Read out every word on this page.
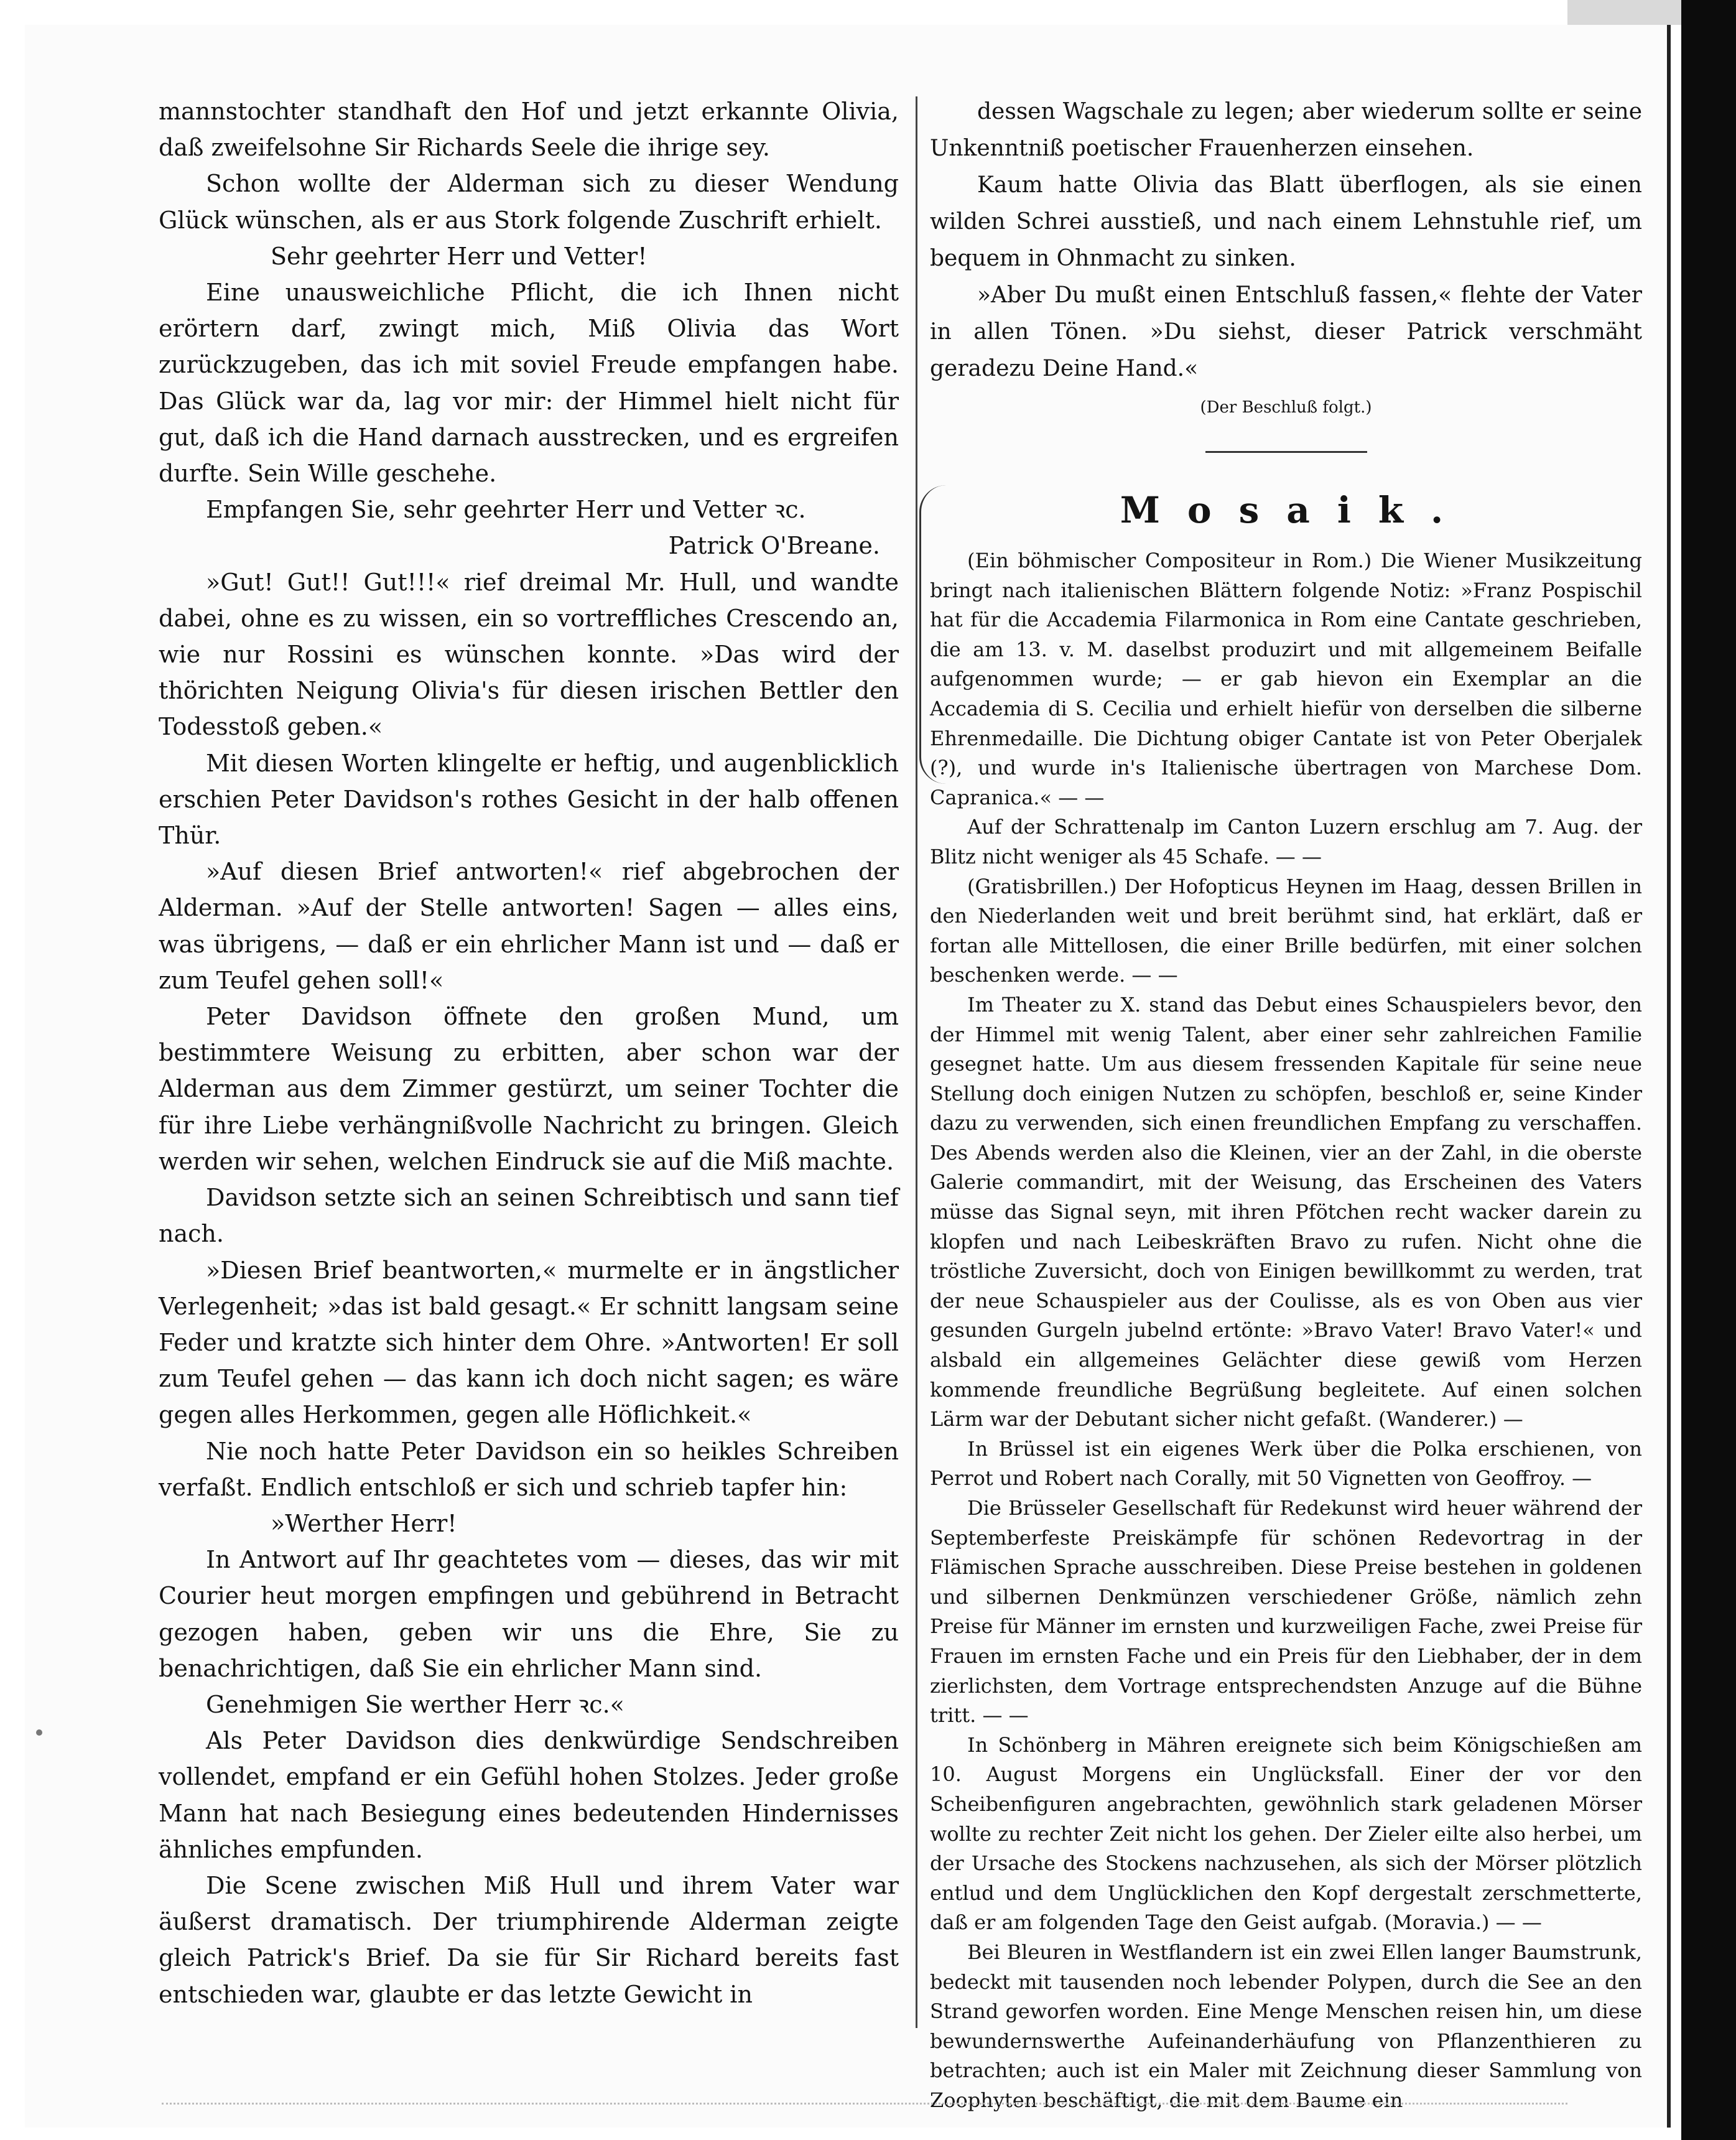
mannstochter standhaft den Hof und jetzt erkannte Olivia, daß zweifelsohne Sir Richards Seele die ihrige sey.

Schon wollte der Alderman sich zu dieser Wendung Glück wünschen, als er aus Stork folgende Zuschrift erhielt.

Sehr geehrter Herr und Vetter!

Eine unausweichliche Pflicht, die ich Ihnen nicht erörtern darf, zwingt mich, Miß Olivia das Wort zurückzugeben, das ich mit soviel Freude empfangen habe. Das Glück war da, lag vor mir: der Himmel hielt nicht für gut, daß ich die Hand darnach ausstrecken, und es ergreifen durfte. Sein Wille geschehe.

Empfangen Sie, sehr geehrter Herr und Vetter ꝛc.

Patrick O'Breane.

»Gut! Gut!! Gut!!!« rief dreimal Mr. Hull, und wandte dabei, ohne es zu wissen, ein so vortreffliches Crescendo an, wie nur Rossini es wünschen konnte. »Das wird der thörichten Neigung Olivia's für diesen irischen Bettler den Todesstoß geben.«

Mit diesen Worten klingelte er heftig, und augenblicklich erschien Peter Davidson's rothes Gesicht in der halb offenen Thür.

»Auf diesen Brief antworten!« rief abgebrochen der Alderman. »Auf der Stelle antworten! Sagen — alles eins, was übrigens, — daß er ein ehrlicher Mann ist und — daß er zum Teufel gehen soll!«

Peter Davidson öffnete den großen Mund, um bestimmtere Weisung zu erbitten, aber schon war der Alderman aus dem Zimmer gestürzt, um seiner Tochter die für ihre Liebe verhängnißvolle Nachricht zu bringen. Gleich werden wir sehen, welchen Eindruck sie auf die Miß machte.

Davidson setzte sich an seinen Schreibtisch und sann tief nach.

»Diesen Brief beantworten,« murmelte er in ängstlicher Verlegenheit; »das ist bald gesagt.« Er schnitt langsam seine Feder und kratzte sich hinter dem Ohre. »Antworten! Er soll zum Teufel gehen — das kann ich doch nicht sagen; es wäre gegen alles Herkommen, gegen alle Höflichkeit.«

Nie noch hatte Peter Davidson ein so heikles Schreiben verfaßt. Endlich entschloß er sich und schrieb tapfer hin:

»Werther Herr!

In Antwort auf Ihr geachtetes vom — dieses, das wir mit Courier heut morgen empfingen und gebührend in Betracht gezogen haben, geben wir uns die Ehre, Sie zu benachrichtigen, daß Sie ein ehrlicher Mann sind.

Genehmigen Sie werther Herr ꝛc.«

Als Peter Davidson dies denkwürdige Sendschreiben vollendet, empfand er ein Gefühl hohen Stolzes. Jeder große Mann hat nach Besiegung eines bedeutenden Hindernisses ähnliches empfunden.

Die Scene zwischen Miß Hull und ihrem Vater war äußerst dramatisch. Der triumphirende Alderman zeigte gleich Patrick's Brief. Da sie für Sir Richard bereits fast entschieden war, glaubte er das letzte Gewicht in

dessen Wagschale zu legen; aber wiederum sollte er seine Unkenntniß poetischer Frauenherzen einsehen.

Kaum hatte Olivia das Blatt überflogen, als sie einen wilden Schrei ausstieß, und nach einem Lehnstuhle rief, um bequem in Ohnmacht zu sinken.

»Aber Du mußt einen Entschluß fassen,« flehte der Vater in allen Tönen. »Du siehst, dieser Patrick verschmäht geradezu Deine Hand.«

(Der Beschluß folgt.)

Mosaik.

(Ein böhmischer Compositeur in Rom.) Die Wiener Musikzeitung bringt nach italienischen Blättern folgende Notiz: »Franz Pospischil hat für die Accademia Filarmonica in Rom eine Cantate geschrieben, die am 13. v. M. daselbst produzirt und mit allgemeinem Beifalle aufgenommen wurde; — er gab hievon ein Exemplar an die Accademia di S. Cecilia und erhielt hiefür von derselben die silberne Ehrenmedaille. Die Dichtung obiger Cantate ist von Peter Oberjalek (?), und wurde in's Italienische übertragen von Marchese Dom. Capranica.« — —

Auf der Schrattenalp im Canton Luzern erschlug am 7. Aug. der Blitz nicht weniger als 45 Schafe. — —

(Gratisbrillen.) Der Hofopticus Heynen im Haag, dessen Brillen in den Niederlanden weit und breit berühmt sind, hat erklärt, daß er fortan alle Mittellosen, die einer Brille bedürfen, mit einer solchen beschenken werde. — —

Im Theater zu X. stand das Debut eines Schauspielers bevor, den der Himmel mit wenig Talent, aber einer sehr zahlreichen Familie gesegnet hatte. Um aus diesem fressenden Kapitale für seine neue Stellung doch einigen Nutzen zu schöpfen, beschloß er, seine Kinder dazu zu verwenden, sich einen freundlichen Empfang zu verschaffen. Des Abends werden also die Kleinen, vier an der Zahl, in die oberste Galerie commandirt, mit der Weisung, das Erscheinen des Vaters müsse das Signal seyn, mit ihren Pfötchen recht wacker darein zu klopfen und nach Leibeskräften Bravo zu rufen. Nicht ohne die tröstliche Zuversicht, doch von Einigen bewillkommt zu werden, trat der neue Schauspieler aus der Coulisse, als es von Oben aus vier gesunden Gurgeln jubelnd ertönte: »Bravo Vater! Bravo Vater!« und alsbald ein allgemeines Gelächter diese gewiß vom Herzen kommende freundliche Begrüßung begleitete. Auf einen solchen Lärm war der Debutant sicher nicht gefaßt. (Wanderer.) —

In Brüssel ist ein eigenes Werk über die Polka erschienen, von Perrot und Robert nach Corally, mit 50 Vignetten von Geoffroy. —

Die Brüsseler Gesellschaft für Redekunst wird heuer während der Septemberfeste Preiskämpfe für schönen Redevortrag in der Flämischen Sprache ausschreiben. Diese Preise bestehen in goldenen und silbernen Denkmünzen verschiedener Größe, nämlich zehn Preise für Männer im ernsten und kurzweiligen Fache, zwei Preise für Frauen im ernsten Fache und ein Preis für den Liebhaber, der in dem zierlichsten, dem Vortrage entsprechendsten Anzuge auf die Bühne tritt. — —

In Schönberg in Mähren ereignete sich beim Königschießen am 10. August Morgens ein Unglücksfall. Einer der vor den Scheibenfiguren angebrachten, gewöhnlich stark geladenen Mörser wollte zu rechter Zeit nicht los gehen. Der Zieler eilte also herbei, um der Ursache des Stockens nachzusehen, als sich der Mörser plötzlich entlud und dem Unglücklichen den Kopf dergestalt zerschmetterte, daß er am folgenden Tage den Geist aufgab. (Moravia.) — —

Bei Bleuren in Westflandern ist ein zwei Ellen langer Baumstrunk, bedeckt mit tausenden noch lebender Polypen, durch die See an den Strand geworfen worden. Eine Menge Menschen reisen hin, um diese bewundernswerthe Aufeinanderhäufung von Pflanzenthieren zu betrachten; auch ist ein Maler mit Zeichnung dieser Sammlung von Zoophyten beschäftigt, die mit dem Baume ein
